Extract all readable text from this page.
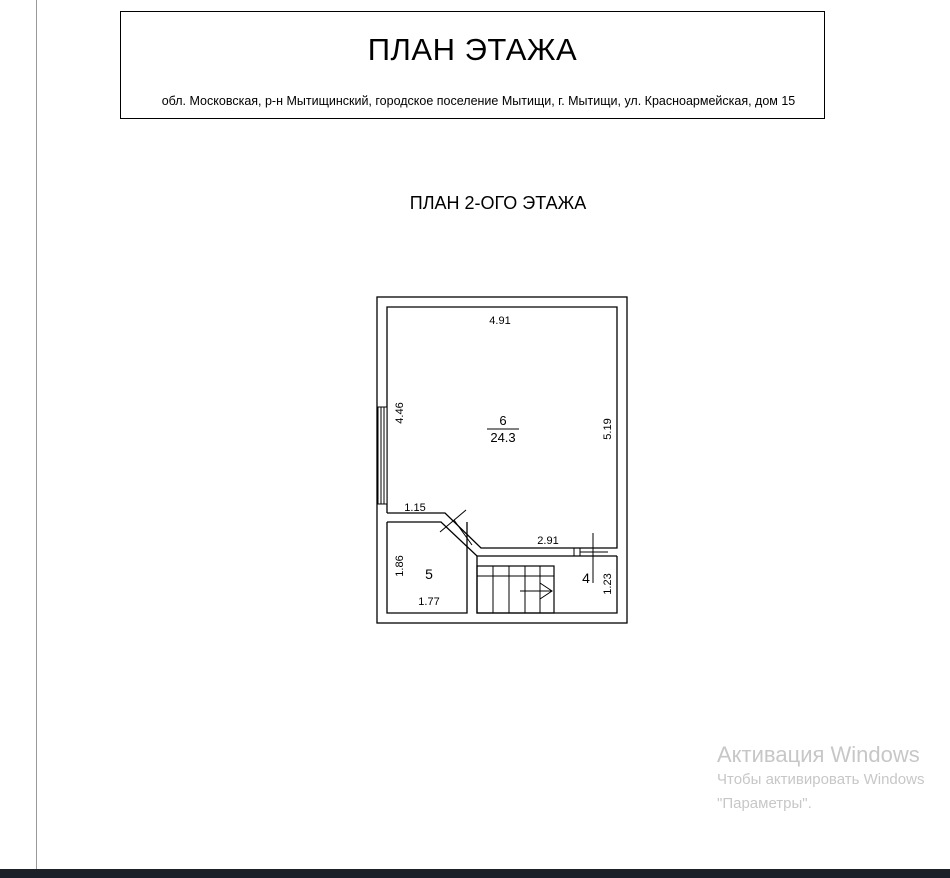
ПЛАН ЭТАЖА
обл. Московская, р-н Мытищинский, городское поселение Мытищи, г. Мытищи, ул. Красноармейская, дом 15
ПЛАН 2-ОГО ЭТАЖА
6
24.3
5	4
4.91
4.46
5.19
1.15
2.91
1.86
1.77
1.23
Активация Windows
Чтобы активировать Windows
"Параметры".
